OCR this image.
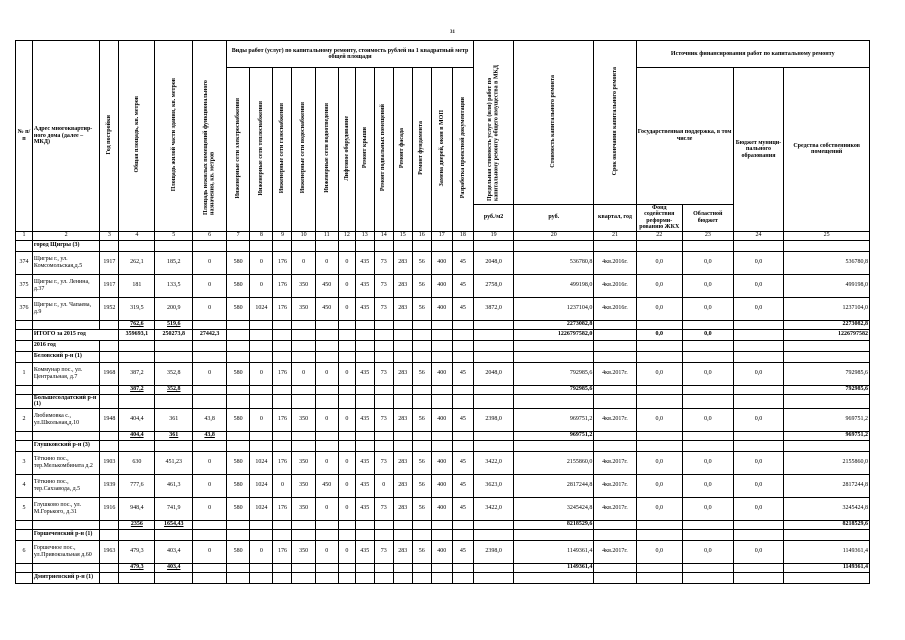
31
№ п/п	Адрес многоквартир-ного дома (далее – МКД)	Год постройки	Общая площадь, кв. метров	Площадь жилой части здания, кв. метров	Площадь нежилых помещений функционального назначения, кв. метров	Виды работ (услуг) по капитальному ремонту, стоимость рублей на 1 квадратный метр общей площади												Предельная стоимость услуг и (или) работ по капитальному ремонту общего имущества в МКД	Стоимость капитального ремонта	Срок окончания капитального ремонта	Источник финансирования работ по капитальному ремонту			
						Инженерные сети электроснабжения	Инженерные сети теплоснабжения	Инженерные сети газоснабжения	Инженерные сети водоснабжения	Инженерные сети водоотведения	Лифтовое оборудование	Ремонт крыши	Ремонт подвальных помещений	Ремонт фасада	Ремонт фундамента	Замена дверей, окон в МОП	Разработка проектной документации				Государственная поддержка, в том числе		Бюджет муници-пального образования	Средства собственников помещений
																		руб./м2	руб.	квартал, год	Фонд содействия реформи-рованию ЖКХ	Областной бюджет		
1	2	3	4	5	6	7	8	9	10	11	12	13	14	15	16	17	18	19	20	21	22	23	24	25
	город Щигры (3)																							
374	Щигры г., ул. Комсомольская,д.5	1917	262,1	185,2	0	580	0	176	0	0	0	435	73	283	56	400	45	2048,0	536780,8	4кв.2016г.	0,0	0,0	0,0	536780,8
375	Щигры г., ул. Ленина, д.37	1917	181	133,5	0	580	0	176	350	450	0	435	73	283	56	400	45	2758,0	499198,0	4кв.2016г.	0,0	0,0	0,0	499198,0
376	Щигры г., ул. Чапаева, д.9	1952	319,5	200,9	0	580	1024	176	350	450	0	435	73	283	56	400	45	3872,0	1237104,0	4кв.2016г.	0,0	0,0	0,0	1237104,0
			762,6	519,6															2273082,8					2273082,8
	ИТОГО за 2015 год		359693,1	250273,8	27442,3														1226797582,0		0,0	0,0		1226797582
	2016 год																							
	Беловский р-н (1)																							
1	Коммунар пос., ул. Центральная, д.7	1968	387,2	352,8	0	580	0	176	0	0	0	435	73	283	56	400	45	2048,0	792985,6	4кв.2017г.	0,0	0,0	0,0	792985,6
			387,2	352,8															792985,6					792985,6
	Большесолдатский р-н (1)																							
2	Любимовка с., ул.Школьная,д.10	1948	404,4	361	43,8	580	0	176	350	0	0	435	73	283	56	400	45	2398,0	969751,2	4кв.2017г.	0,0	0,0	0,0	969751,2
			404,4	361	43,8														969751,2					969751,2
	Глушковский р-н (3)																							
3	Тёткино пос., тер.Мелькомбинатa д.2	1903	630	451,23	0	580	1024	176	350	0	0	435	73	283	56	400	45	3422,0	2155860,0	4кв.2017г.	0,0	0,0	0,0	2155860,0
4	Тёткино пос., тер.Сахзавода, д.5	1939	777,6	461,3	0	580	1024	0	350	450	0	435	0	283	56	400	45	3623,0	2817244,8	4кв.2017г.	0,0	0,0	0,0	2817244,8
5	Глушково пос., ул. М.Горького, д.31	1916	948,4	741,9	0	580	1024	176	350	0	0	435	73	283	56	400	45	3422,0	3245424,8	4кв.2017г.	0,0	0,0	0,0	3245424,8
			2356	1654,43															8218529,6					8218529,6
	Горшеченский р-н (1)																							
6	Горшечное пос., ул.Привокзальная д.60	1963	479,3	403,4	0	580	0	176	350	0	0	435	73	283	56	400	45	2398,0	1149361,4	4кв.2017г.	0,0	0,0	0,0	1149361,4
			479,3	403,4															1149361,4					1149361,4
	Дмитриевский р-н (1)																							
